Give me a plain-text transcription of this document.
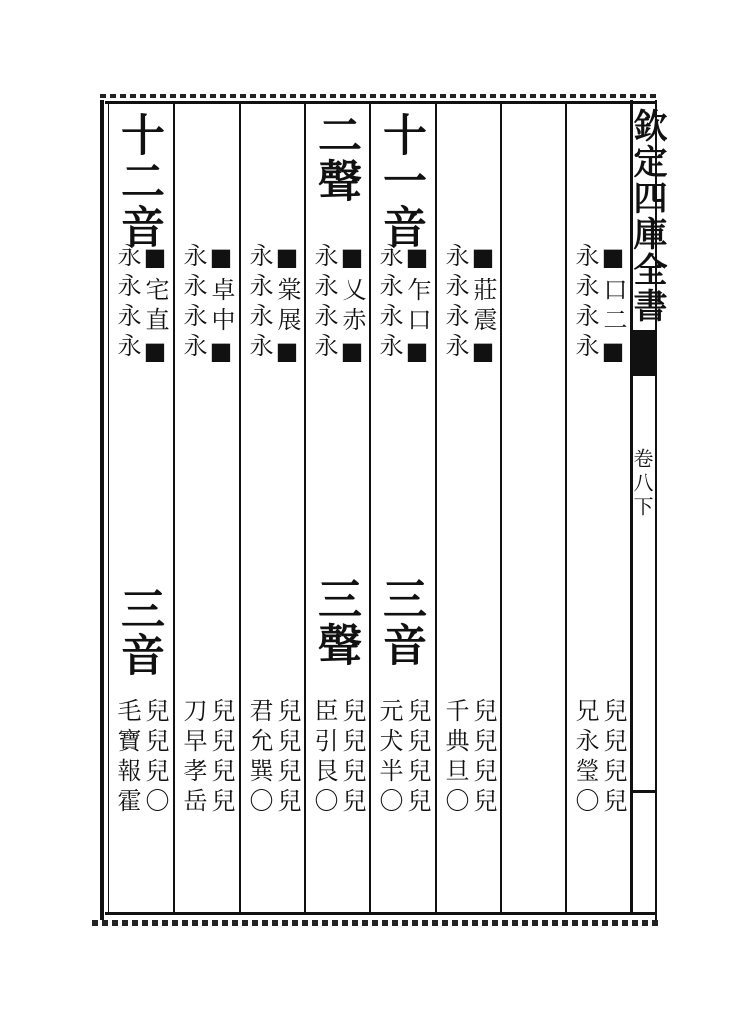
欽定四庫全書
卷八下
十二音
■宅直■
永永永永
三音
兒兒兒〇
毛寶報霍
■卓中■
永永永永
兒兒兒兒
刀早孝岳
■棠展■
永永永永
兒兒兒兒
君允巽〇
二聲
■乂赤■
永永永永
三聲
兒兒兒兒
臣引艮〇
十一音
■乍口■
永永永永
三音
兒兒兒兒
元犬半〇
■莊震■
永永永永
兒兒兒兒
千典旦〇
■口二■
永永永永
兒兒兒兒
兄永瑩〇
